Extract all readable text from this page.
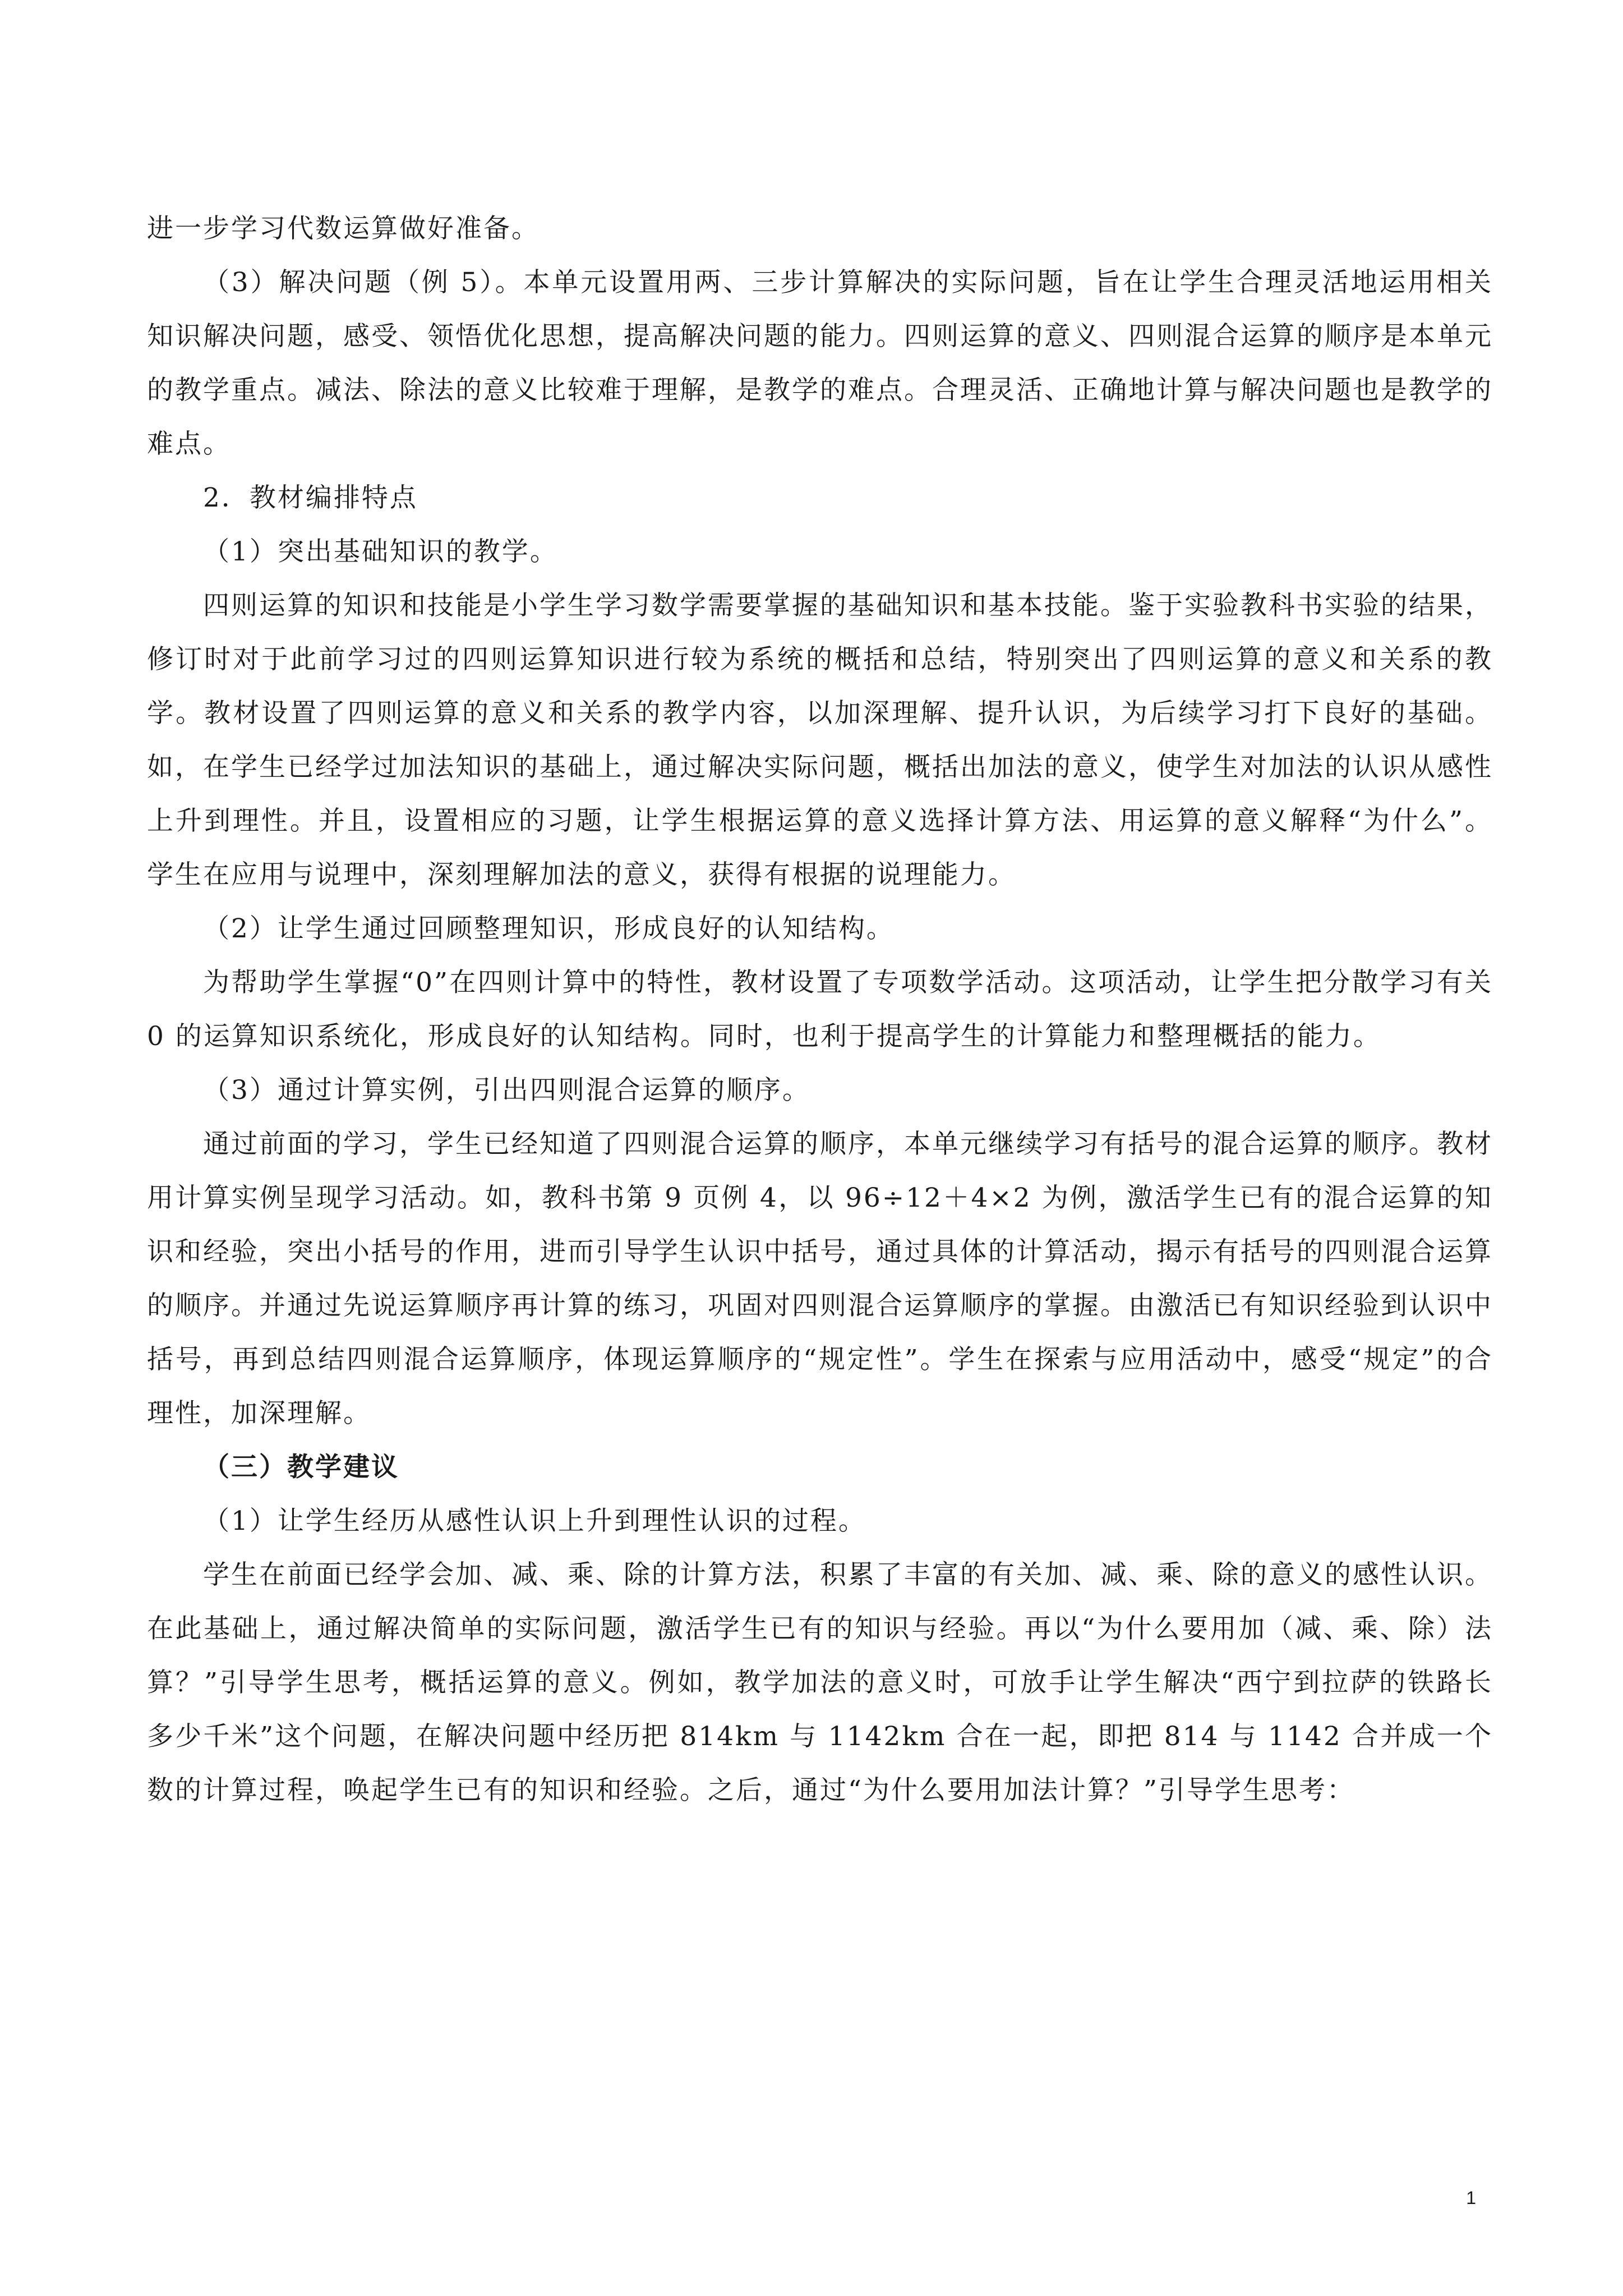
进一步学习代数运算做好准备。

（3）解决问题（例 5）。本单元设置用两、三步计算解决的实际问题，旨在让学生合理灵活地运用相关知识解决问题，感受、领悟优化思想，提高解决问题的能力。四则运算的意义、四则混合运算的顺序是本单元的教学重点。减法、除法的意义比较难于理解，是教学的难点。合理灵活、正确地计算与解决问题也是教学的难点。

2．教材编排特点

（1）突出基础知识的教学。

四则运算的知识和技能是小学生学习数学需要掌握的基础知识和基本技能。鉴于实验教科书实验的结果，修订时对于此前学习过的四则运算知识进行较为系统的概括和总结，特别突出了四则运算的意义和关系的教学。教材设置了四则运算的意义和关系的教学内容，以加深理解、提升认识，为后续学习打下良好的基础。如，在学生已经学过加法知识的基础上，通过解决实际问题，概括出加法的意义，使学生对加法的认识从感性上升到理性。并且，设置相应的习题，让学生根据运算的意义选择计算方法、用运算的意义解释“为什么”。学生在应用与说理中，深刻理解加法的意义，获得有根据的说理能力。

（2）让学生通过回顾整理知识，形成良好的认知结构。

为帮助学生掌握“0”在四则计算中的特性，教材设置了专项数学活动。这项活动，让学生把分散学习有关 0 的运算知识系统化，形成良好的认知结构。同时，也利于提高学生的计算能力和整理概括的能力。

（3）通过计算实例，引出四则混合运算的顺序。

通过前面的学习，学生已经知道了四则混合运算的顺序，本单元继续学习有括号的混合运算的顺序。教材用计算实例呈现学习活动。如，教科书第 9 页例 4，以 96÷12＋4×2 为例，激活学生已有的混合运算的知识和经验，突出小括号的作用，进而引导学生认识中括号，通过具体的计算活动，揭示有括号的四则混合运算的顺序。并通过先说运算顺序再计算的练习，巩固对四则混合运算顺序的掌握。由激活已有知识经验到认识中括号，再到总结四则混合运算顺序，体现运算顺序的“规定性”。学生在探索与应用活动中，感受“规定”的合理性，加深理解。

（三）教学建议

（1）让学生经历从感性认识上升到理性认识的过程。

学生在前面已经学会加、减、乘、除的计算方法，积累了丰富的有关加、减、乘、除的意义的感性认识。在此基础上，通过解决简单的实际问题，激活学生已有的知识与经验。再以“为什么要用加（减、乘、除）法算？”引导学生思考，概括运算的意义。例如，教学加法的意义时，可放手让学生解决“西宁到拉萨的铁路长多少千米”这个问题，在解决问题中经历把 814km 与 1142km 合在一起，即把 814 与 1142 合并成一个数的计算过程，唤起学生已有的知识和经验。之后，通过“为什么要用加法计算？”引导学生思考：

1
